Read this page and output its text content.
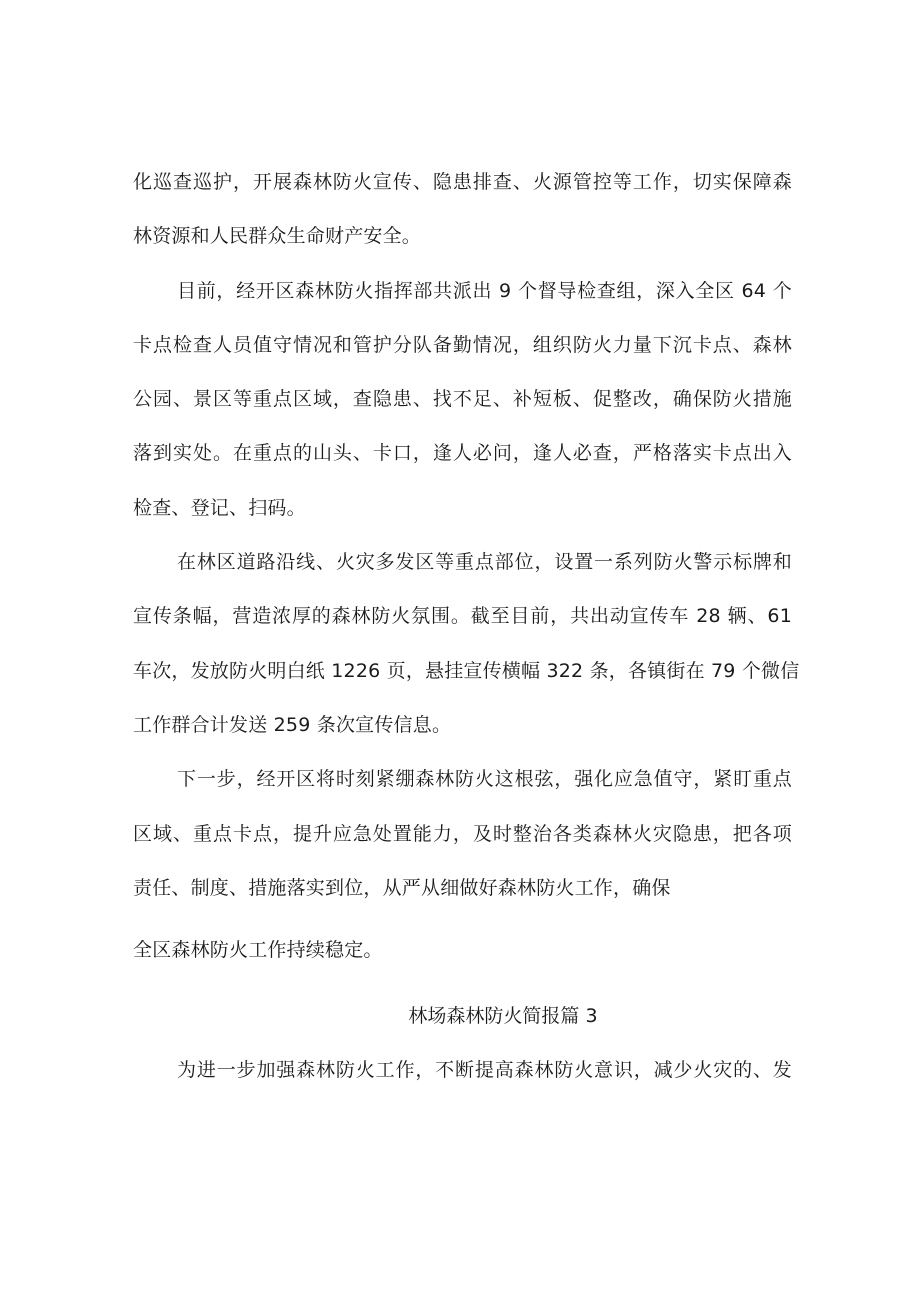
化巡查巡护，开展森林防火宣传、隐患排查、火源管控等工作，切实保障森
林资源和人民群众生命财产安全。
目前，经开区森林防火指挥部共派出 9 个督导检查组，深入全区 64 个
卡点检查人员值守情况和管护分队备勤情况，组织防火力量下沉卡点、森林
公园、景区等重点区域，查隐患、找不足、补短板、促整改，确保防火措施
落到实处。在重点的山头、卡口，逢人必问，逢人必查，严格落实卡点出入
检查、登记、扫码。
在林区道路沿线、火灾多发区等重点部位，设置一系列防火警示标牌和
宣传条幅，营造浓厚的森林防火氛围。截至目前，共出动宣传车 28 辆、61
车次，发放防火明白纸 1226 页，悬挂宣传横幅 322 条，各镇街在 79 个微信
工作群合计发送 259 条次宣传信息。
下一步，经开区将时刻紧绷森林防火这根弦，强化应急值守，紧盯重点
区域、重点卡点，提升应急处置能力，及时整治各类森林火灾隐患，把各项
责任、制度、措施落实到位，从严从细做好森林防火工作，确保
全区森林防火工作持续稳定。
林场森林防火简报篇 3
为进一步加强森林防火工作，不断提高森林防火意识，减少火灾的、发
